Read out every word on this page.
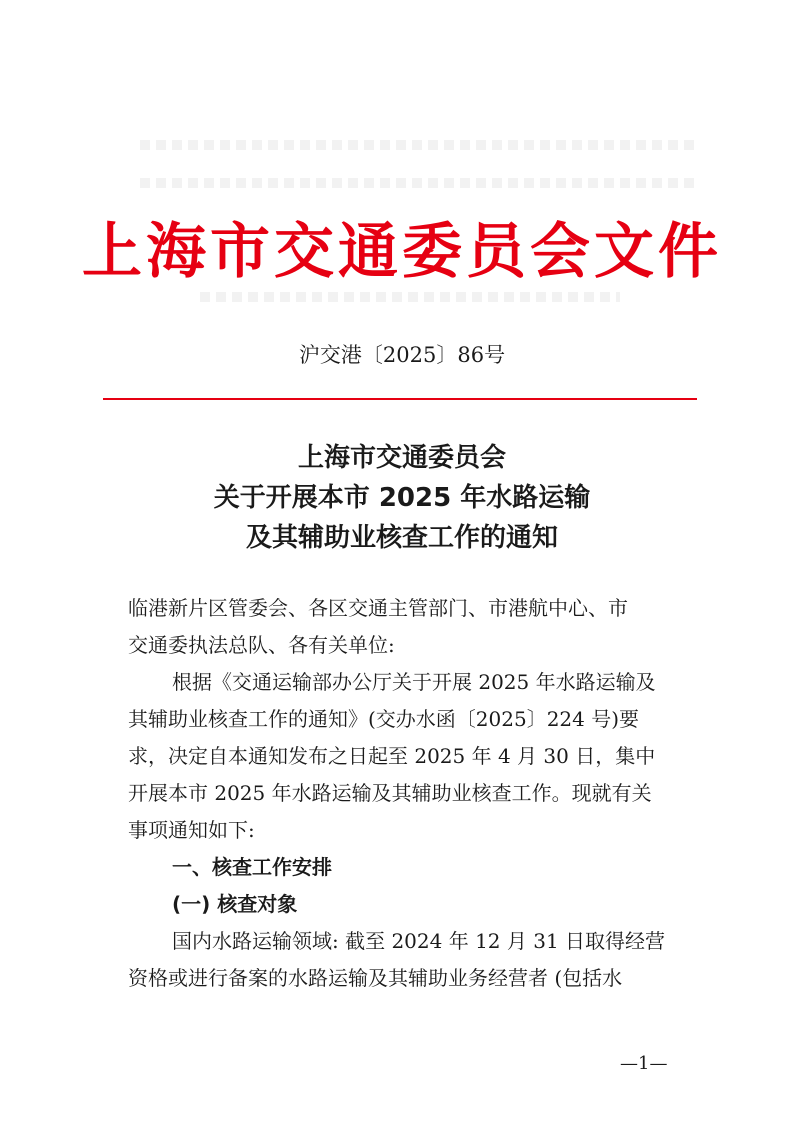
上海市交通委员会文件
沪交港〔2025〕86号
上海市交通委员会
关于开展本市 2025 年水路运输
及其辅助业核查工作的通知

临港新片区管委会、各区交通主管部门、市港航中心、市

交通委执法总队、各有关单位:

根据《交通运输部办公厅关于开展 2025 年水路运输及

其辅助业核查工作的通知》(交办水函〔2025〕224 号)要

求，决定自本通知发布之日起至 2025 年 4 月 30 日，集中

开展本市 2025 年水路运输及其辅助业核查工作。现就有关

事项通知如下:

一、核查工作安排

(一) 核查对象

国内水路运输领域: 截至 2024 年 12 月 31 日取得经营

资格或进行备案的水路运输及其辅助业务经营者 (包括水

—1—
